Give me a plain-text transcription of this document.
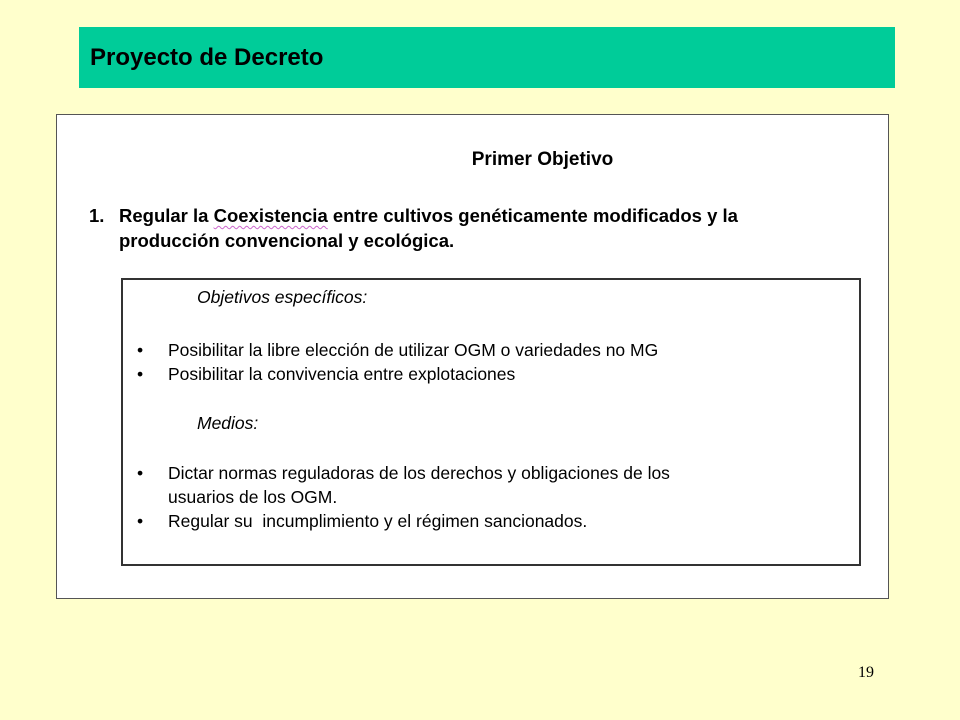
Proyecto de Decreto
Primer Objetivo
1. Regular la Coexistencia entre cultivos genéticamente modificados y la
producción convencional y ecológica.
Objetivos específicos:
• Posibilitar la libre elección de utilizar OGM o variedades no MG
• Posibilitar la convivencia entre explotaciones
Medios:
• Dictar normas reguladoras de los derechos y obligaciones de los
usuarios de los OGM.
• Regular su  incumplimiento y el régimen sancionados.
19
